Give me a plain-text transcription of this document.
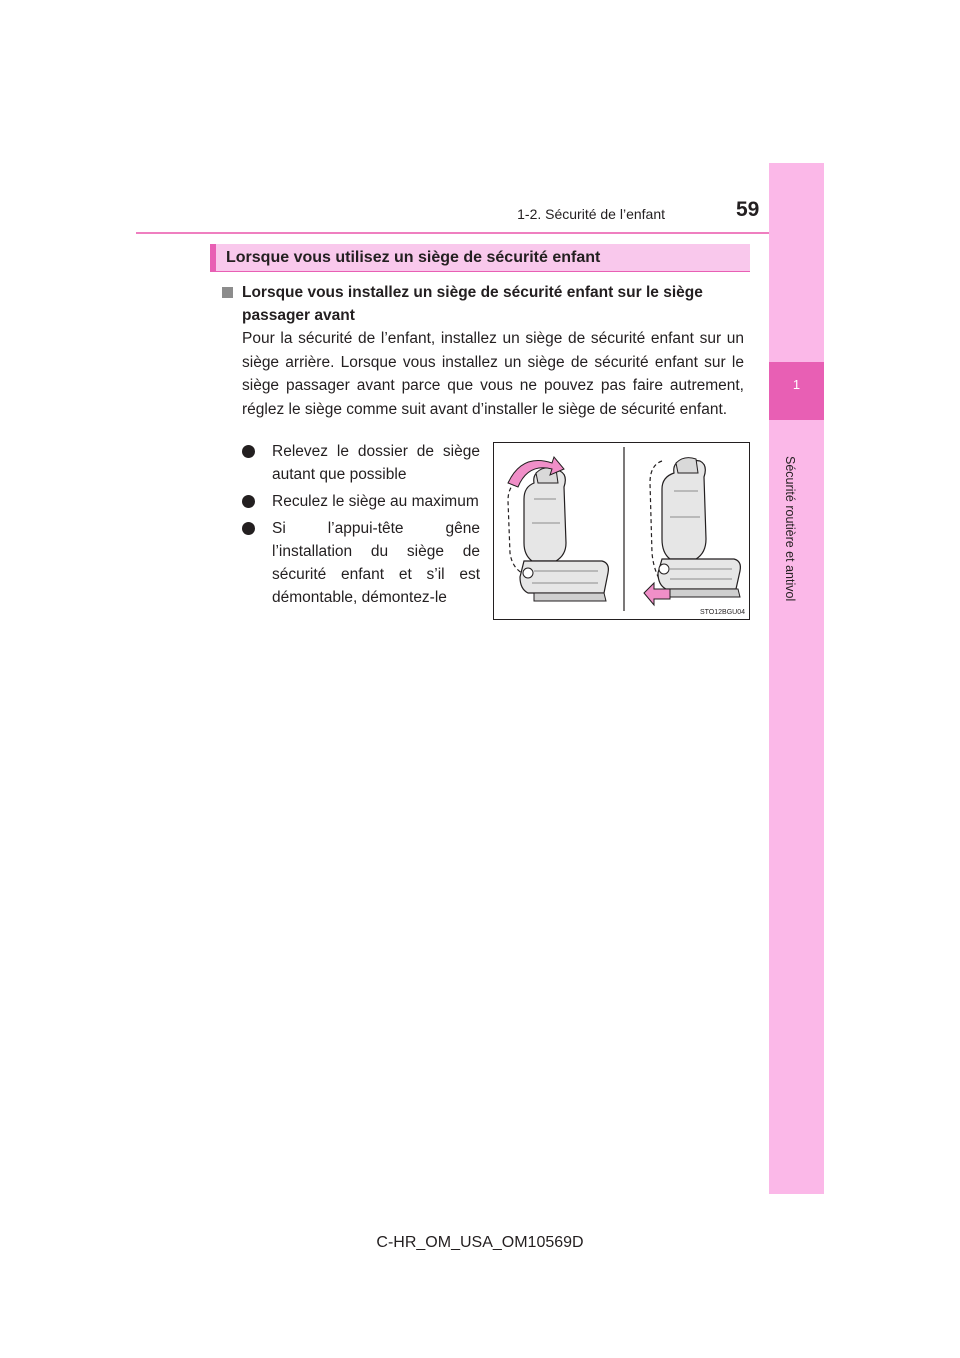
1-2. Sécurité de l’enfant	59
1
Sécurité routière et antivol
Lorsque vous utilisez un siège de sécurité enfant
Lorsque vous installez un siège de sécurité enfant sur le siège passager avant
Pour la sécurité de l’enfant, installez un siège de sécurité enfant sur un siège arrière. Lorsque vous installez un siège de sécurité enfant sur le siège passager avant parce que vous ne pouvez pas faire autrement, réglez le siège comme suit avant d’installer le siège de sécurité enfant.
Relevez le dossier de siège autant que possible
Reculez le siège au maximum
Si l’appui-tête gêne l’installation du siège de sécurité enfant et s’il est démontable, démontez-le
STO12BGU04
C-HR_OM_USA_OM10569D
